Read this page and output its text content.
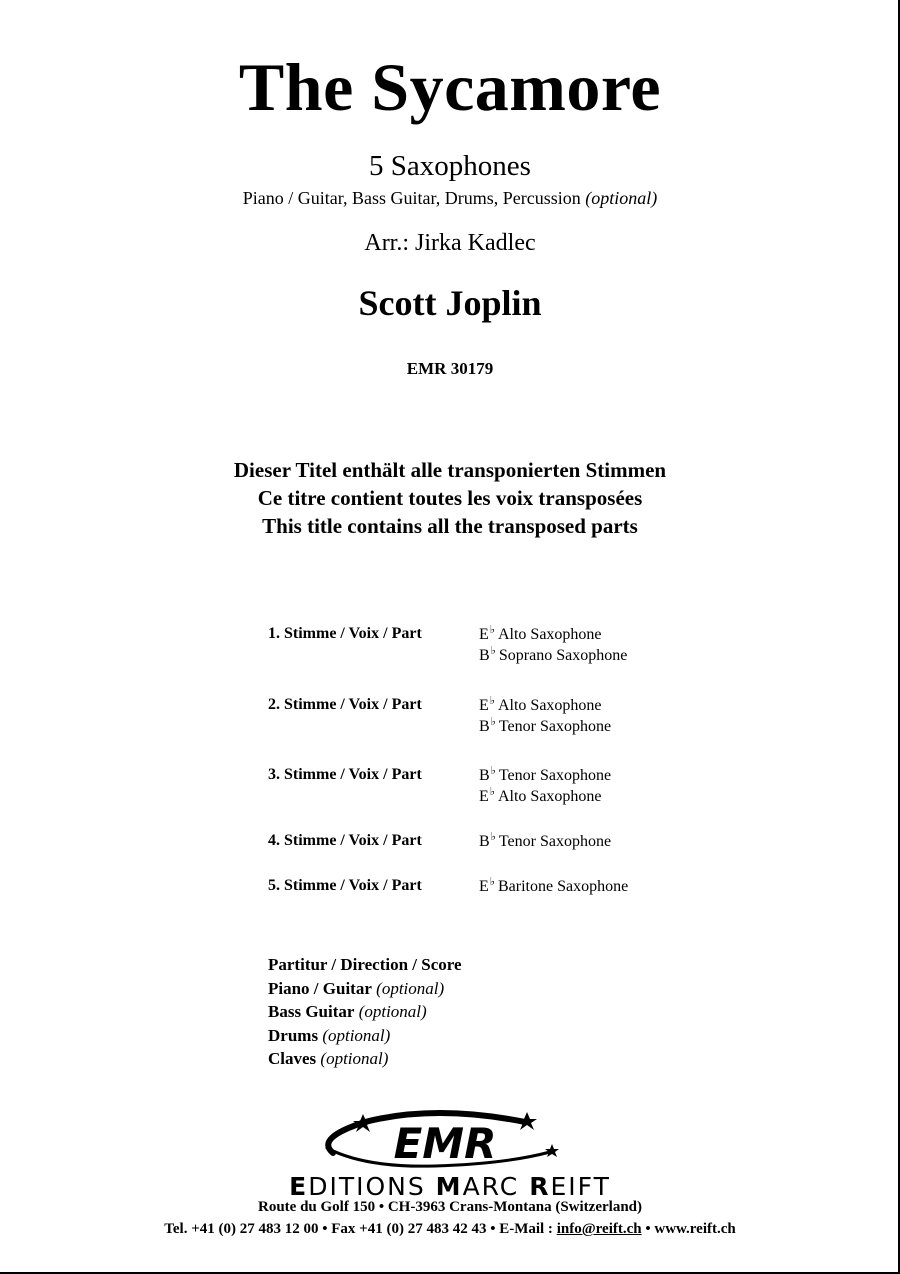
The Sycamore
5 Saxophones
Piano / Guitar, Bass Guitar, Drums, Percussion (optional)
Arr.: Jirka Kadlec
Scott Joplin
EMR 30179
Dieser Titel enthält alle transponierten Stimmen
Ce titre contient toutes les voix transposées
This title contains all the transposed parts
1. Stimme / Voix / Part	E♭ Alto Saxophone
B♭ Soprano Saxophone
2. Stimme / Voix / Part	E♭ Alto Saxophone
B♭ Tenor Saxophone
3. Stimme / Voix / Part	B♭ Tenor Saxophone
E♭ Alto Saxophone
4. Stimme / Voix / Part	B♭ Tenor Saxophone
5. Stimme / Voix / Part	E♭ Baritone Saxophone
Partitur / Direction / Score
Piano / Guitar (optional)
Bass Guitar (optional)
Drums (optional)
Claves (optional)
EMR
EDITIONS MARC REIFT
Route du Golf 150 • CH-3963 Crans-Montana (Switzerland)
Tel. +41 (0) 27 483 12 00 • Fax +41 (0) 27 483 42 43 • E-Mail : info@reift.ch • www.reift.ch
